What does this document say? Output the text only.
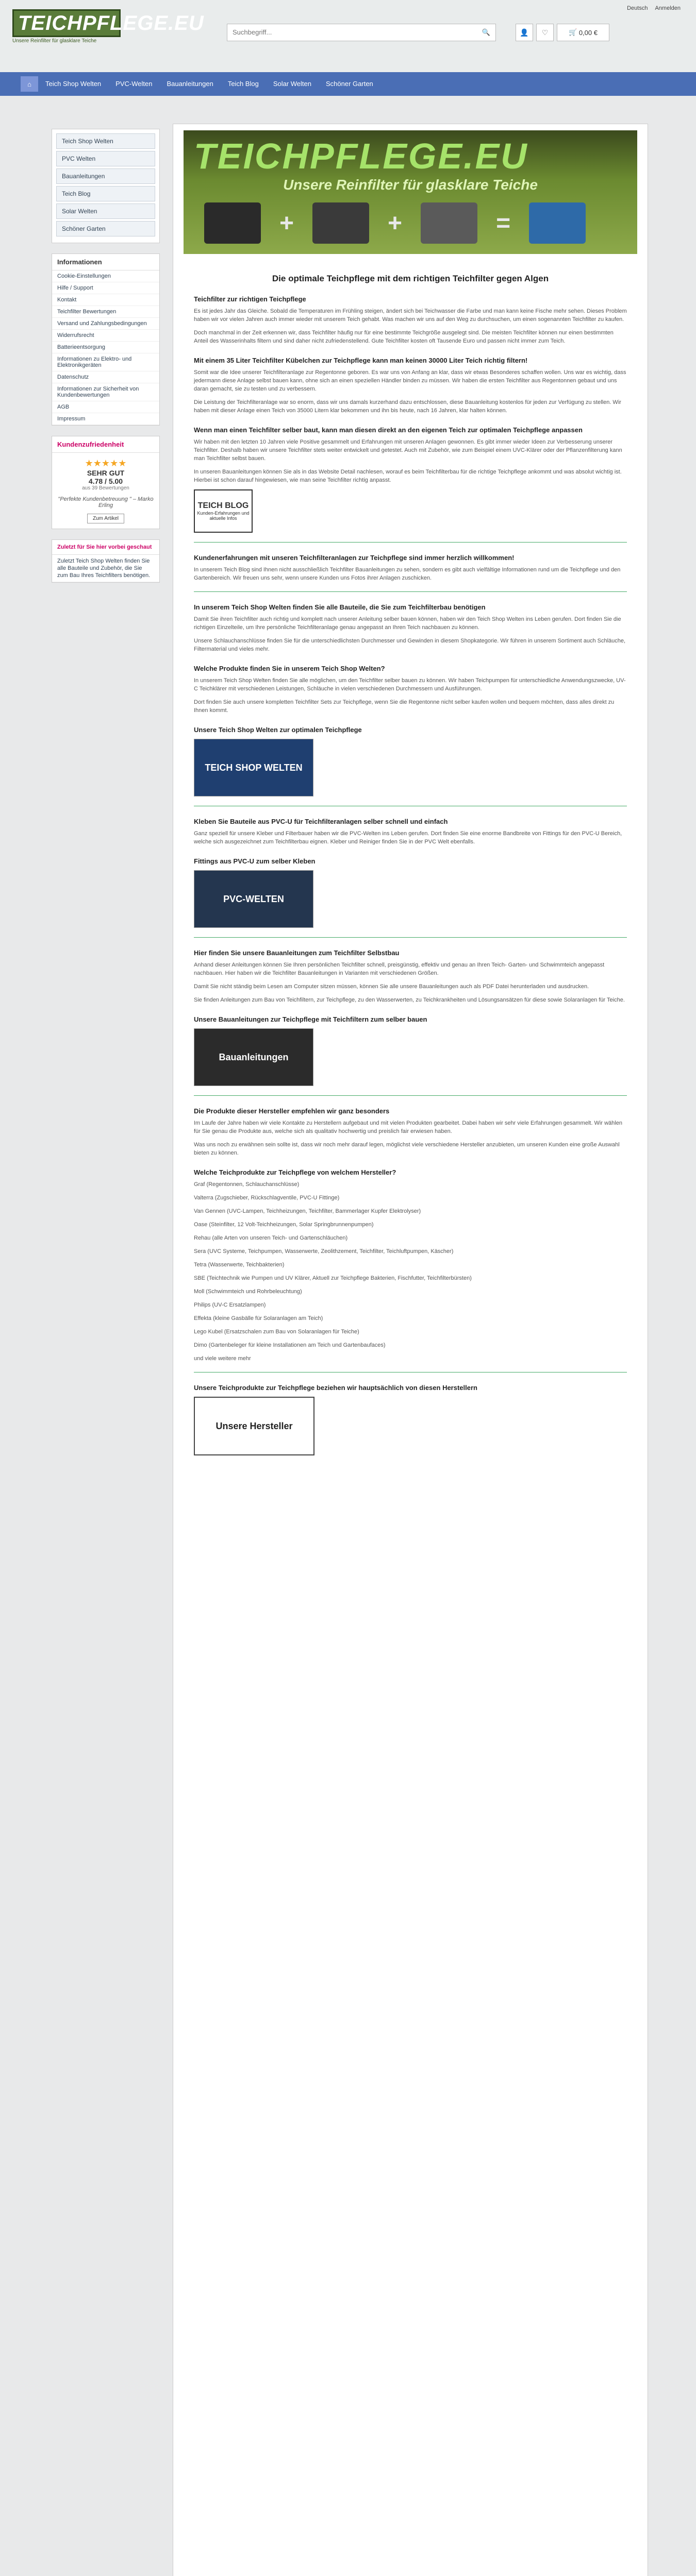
TEICHPFLEGE.EU
Unsere Reinfilter für glasklare Teiche
Deutsch Anmelden
Suchbegriff...
🔍	👤	♡	🛒 0,00 €
⌂	Teich Shop Welten	PVC-Welten	Bauanleitungen	Teich Blog	Solar Welten	Schöner Garten
Teich Shop Welten
PVC Welten
Bauanleitungen
Teich Blog
Solar Welten
Schöner Garten
Informationen
Cookie-Einstellungen
Hilfe / Support
Kontakt
Teichfilter Bewertungen
Versand und Zahlungsbedingungen
Widerrufsrecht
Batterieentsorgung
Informationen zu Elektro- und Elektronikgeräten
Datenschutz
Informationen zur Sicherheit von Kundenbewertungen
AGB
Impressum
Kundenzufriedenheit
★★★★★
SEHR GUT
4.78 / 5.00
aus 39 Bewertungen
"Perfekte Kundenbetreuung " – Marko Erling
Zum Artikel
Zuletzt für Sie hier vorbei geschaut
Zuletzt Teich Shop Welten finden Sie alle Bauteile und Zubehör, die Sie zum Bau Ihres Teichfilters benötigen.
TEICHPFLEGE.EU
Unsere Reinfilter für glasklare Teiche
+	+	=
Die optimale Teichpflege mit dem richtigen Teichfilter gegen Algen
Teichfilter zur richtigen Teichpflege

Es ist jedes Jahr das Gleiche. Sobald die Temperaturen im Frühling steigen, ändert sich bei Teichwasser die Farbe und man kann keine Fische mehr sehen. Dieses Problem haben wir vor vielen Jahren auch immer wieder mit unserem Teich gehabt. Was machen wir uns auf den Weg zu durchsuchen, um einen sogenannten Teichfilter zu kaufen.

Doch manchmal in der Zeit erkennen wir, dass Teichfilter häufig nur für eine bestimmte Teichgröße ausgelegt sind. Die meisten Teichfilter können nur einen bestimmten Anteil des Wasserinhalts filtern und sind daher nicht zufriedenstellend. Gute Teichfilter kosten oft Tausende Euro und passen nicht immer zum Teich.

Mit einem 35 Liter Teichfilter Kübelchen zur Teichpflege kann man keinen 30000 Liter Teich richtig filtern!

Somit war die Idee unserer Teichfilteranlage zur Regentonne geboren. Es war uns von Anfang an klar, dass wir etwas Besonderes schaffen wollen. Uns war es wichtig, dass jedermann diese Anlage selbst bauen kann, ohne sich an einen speziellen Händler binden zu müssen. Wir haben die ersten Teichfilter aus Regentonnen gebaut und uns daran gemacht, sie zu testen und zu verbessern.

Die Leistung der Teichfilteranlage war so enorm, dass wir uns damals kurzerhand dazu entschlossen, diese Bauanleitung kostenlos für jeden zur Verfügung zu stellen. Wir haben mit dieser Anlage einen Teich von 35000 Litern klar bekommen und ihn bis heute, nach 16 Jahren, klar halten können.

Wenn man einen Teichfilter selber baut, kann man diesen direkt an den eigenen Teich zur optimalen Teichpflege anpassen

Wir haben mit den letzten 10 Jahren viele Positive gesammelt und Erfahrungen mit unseren Anlagen gewonnen. Es gibt immer wieder Ideen zur Verbesserung unserer Teichfilter. Deshalb haben wir unsere Teichfilter stets weiter entwickelt und getestet. Auch mit Zubehör, wie zum Beispiel einem UVC-Klärer oder der Pflanzenfilterung kann man Teichfilter selbst bauen.

In unseren Bauanleitungen können Sie als in das Website Detail nachlesen, worauf es beim Teichfilterbau für die richtige Teichpflege ankommt und was absolut wichtig ist. Hierbei ist schon darauf hingewiesen, wie man seine Teichfilter richtig anpasst.

TEICH BLOG
Kunden-Erfahrungen und aktuelle Infos
Kundenerfahrungen mit unseren Teichfilteranlagen zur Teichpflege sind immer herzlich willkommen!

In unserem Teich Blog sind Ihnen nicht ausschließlich Teichfilter Bauanleitungen zu sehen, sondern es gibt auch vielfältige Informationen rund um die Teichpflege und den Gartenbereich. Wir freuen uns sehr, wenn unsere Kunden uns Fotos ihrer Anlagen zuschicken.

In unserem Teich Shop Welten finden Sie alle Bauteile, die Sie zum Teichfilterbau benötigen

Damit Sie ihren Teichfilter auch richtig und komplett nach unserer Anleitung selber bauen können, haben wir den Teich Shop Welten ins Leben gerufen. Dort finden Sie die richtigen Einzelteile, um Ihre persönliche Teichfilteranlage genau angepasst an Ihren Teich nachbauen zu können.

Unsere Schlauchanschlüsse finden Sie für die unterschiedlichsten Durchmesser und Gewinden in diesem Shopkategorie. Wir führen in unserem Sortiment auch Schläuche, Filtermaterial und vieles mehr.

Welche Produkte finden Sie in unserem Teich Shop Welten?

In unserem Teich Shop Welten finden Sie alle möglichen, um den Teichfilter selber bauen zu können. Wir haben Teichpumpen für unterschiedliche Anwendungszwecke, UV-C Teichklärer mit verschiedenen Leistungen, Schläuche in vielen verschiedenen Durchmessern und Ausführungen.

Dort finden Sie auch unsere kompletten Teichfilter Sets zur Teichpflege, wenn Sie die Regentonne nicht selber kaufen wollen und bequem möchten, dass alles direkt zu Ihnen kommt.

Unsere Teich Shop Welten zur optimalen Teichpflege
TEICH SHOP WELTEN
Kleben Sie Bauteile aus PVC-U für Teichfilteranlagen selber schnell und einfach

Ganz speziell für unsere Kleber und Filterbauer haben wir die PVC-Welten ins Leben gerufen. Dort finden Sie eine enorme Bandbreite von Fittings für den PVC-U Bereich, welche sich ausgezeichnet zum Teichfilterbau eignen. Kleber und Reiniger finden Sie in der PVC Welt ebenfalls.

Fittings aus PVC-U zum selber Kleben
PVC-WELTEN
Hier finden Sie unsere Bauanleitungen zum Teichfilter Selbstbau

Anhand dieser Anleitungen können Sie Ihren persönlichen Teichfilter schnell, preisgünstig, effektiv und genau an Ihren Teich- Garten- und Schwimmteich angepasst nachbauen. Hier haben wir die Teichfilter Bauanleitungen in Varianten mit verschiedenen Größen.

Damit Sie nicht ständig beim Lesen am Computer sitzen müssen, können Sie alle unsere Bauanleitungen auch als PDF Datei herunterladen und ausdrucken.

Sie finden Anleitungen zum Bau von Teichfiltern, zur Teichpflege, zu den Wasserwerten, zu Teichkrankheiten und Lösungsansätzen für diese sowie Solaranlagen für Teiche.

Unsere Bauanleitungen zur Teichpflege mit Teichfiltern zum selber bauen
Bauanleitungen
Die Produkte dieser Hersteller empfehlen wir ganz besonders

Im Laufe der Jahre haben wir viele Kontakte zu Herstellern aufgebaut und mit vielen Produkten gearbeitet. Dabei haben wir sehr viele Erfahrungen gesammelt. Wir wählen für Sie genau die Produkte aus, welche sich als qualitativ hochwertig und preislich fair erwiesen haben.

Was uns noch zu erwähnen sein sollte ist, dass wir noch mehr darauf legen, möglichst viele verschiedene Hersteller anzubieten, um unseren Kunden eine große Auswahl bieten zu können.

Welche Teichprodukte zur Teichpflege von welchem Hersteller?

Graf (Regentonnen, Schlauchanschlüsse)

Valterra (Zugschieber, Rückschlagventile, PVC-U Fittinge)

Van Gennen (UVC-Lampen, Teichheizungen, Teichfilter, Bammerlager Kupfer Elektrolyser)

Oase (Steinfilter, 12 Volt-Teichheizungen, Solar Springbrunnenpumpen)

Rehau (alle Arten von unseren Teich- und Gartenschläuchen)

Sera (UVC Systeme, Teichpumpen, Wasserwerte, Zeolithzement, Teichfilter, Teichluftpumpen, Käscher)

Tetra (Wasserwerte, Teichbakterien)

SBE (Teichtechnik wie Pumpen und UV Klärer, Aktuell zur Teichpflege Bakterien, Fischfutter, Teichfilterbürsten)

Moll (Schwimmteich und Rohrbeleuchtung)

Philips (UV-C Ersatzlampen)

Effekta (kleine Gasbälle für Solaranlagen am Teich)

Lego Kubel (Ersatzschalen zum Bau von Solaranlagen für Teiche)

Dimo (Gartenbeleger für kleine Installationen am Teich und Gartenbaufaces)

und viele weitere mehr

Unsere Teichprodukte zur Teichpflege beziehen wir hauptsächlich von diesen Herstellern
Unsere Hersteller
